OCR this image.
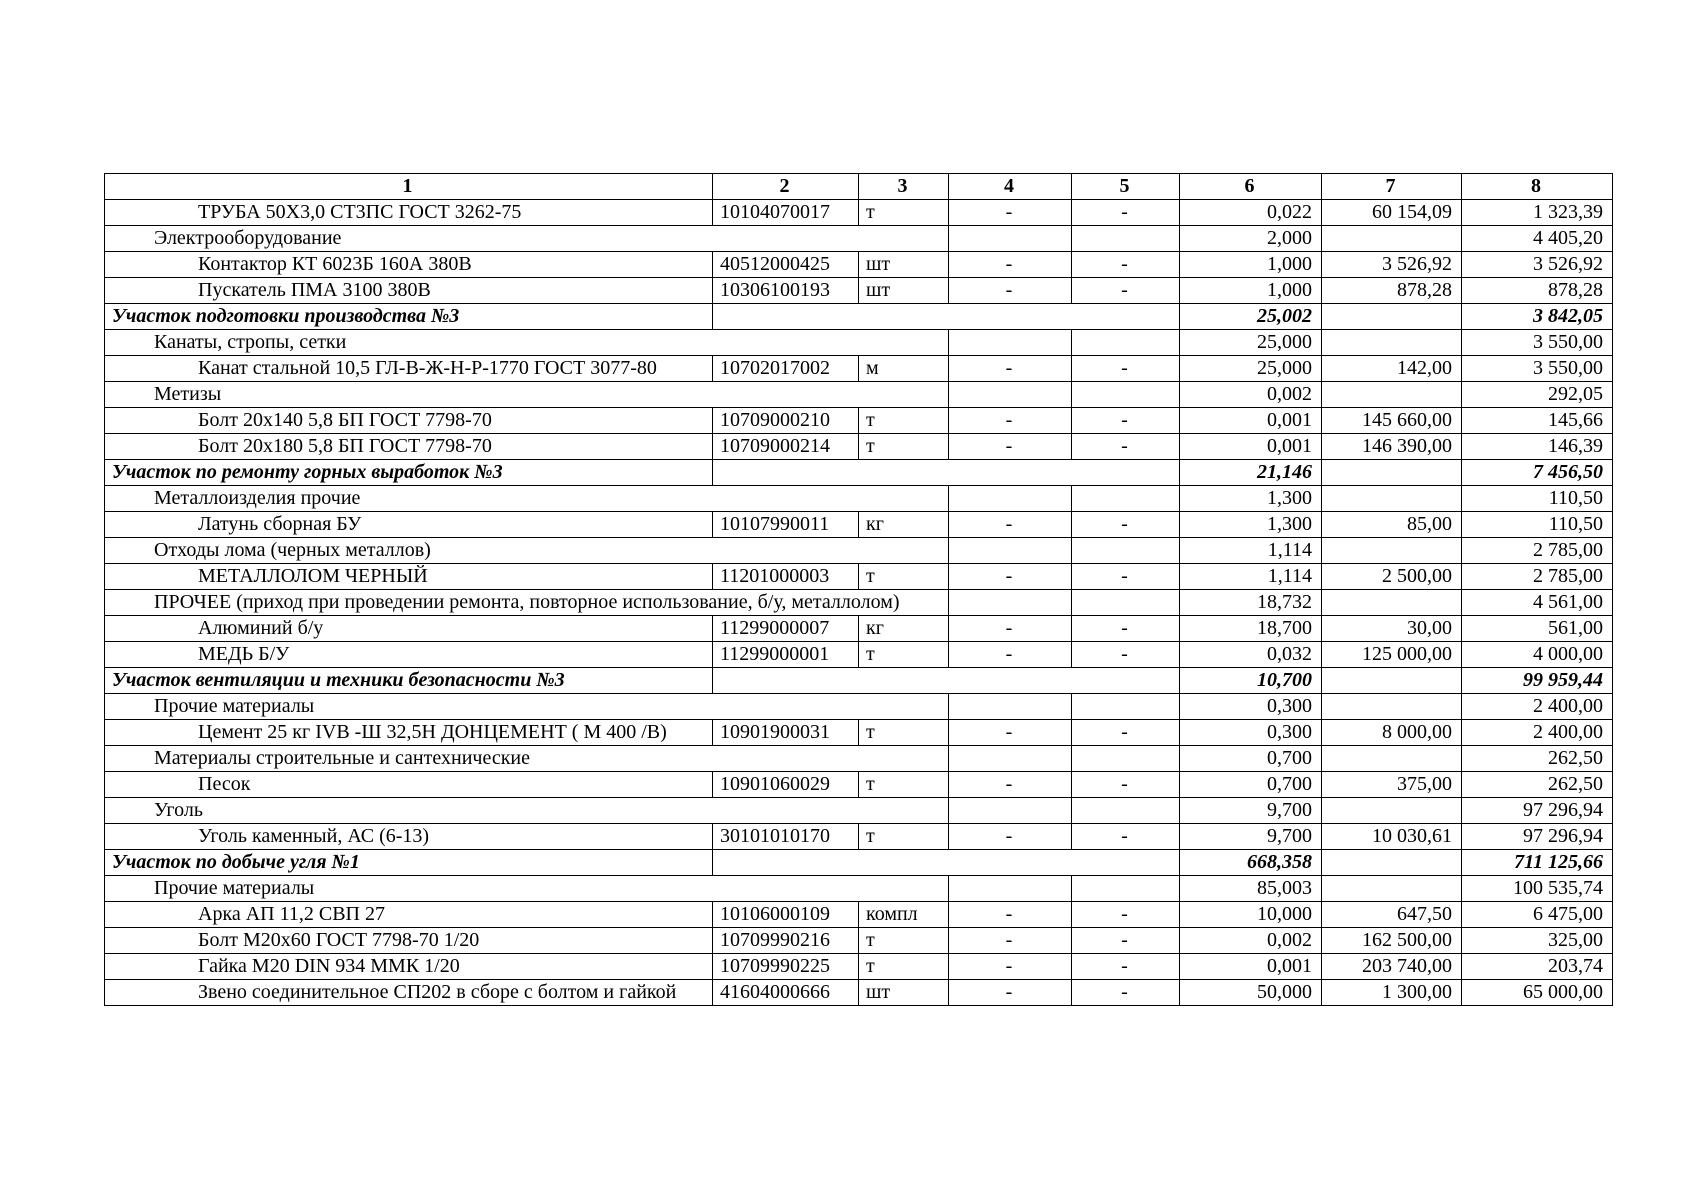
1	2	3	4	5	6	7	8
ТРУБА 50Х3,0 СТ3ПС ГОСТ 3262-75	10104070017	т	-	-	0,022	60 154,09	1 323,39
Электрооборудование					2,000		4 405,20
Контактор КТ 6023Б 160А 380В	40512000425	шт	-	-	1,000	3 526,92	3 526,92
Пускатель ПМА 3100 380В	10306100193	шт	-	-	1,000	878,28	878,28
Участок подготовки производства №3					25,002		3 842,05
Канаты, стропы, сетки					25,000		3 550,00
Канат стальной 10,5 ГЛ-В-Ж-Н-Р-1770 ГОСТ 3077-80	10702017002	м	-	-	25,000	142,00	3 550,00
Метизы					0,002		292,05
Болт 20х140 5,8 БП ГОСТ 7798-70	10709000210	т	-	-	0,001	145 660,00	145,66
Болт 20х180 5,8 БП ГОСТ 7798-70	10709000214	т	-	-	0,001	146 390,00	146,39
Участок по ремонту горных выработок №3					21,146		7 456,50
Металлоизделия прочие					1,300		110,50
Латунь сборная БУ	10107990011	кг	-	-	1,300	85,00	110,50
Отходы лома (черных металлов)					1,114		2 785,00
МЕТАЛЛОЛОМ ЧЕРНЫЙ	11201000003	т	-	-	1,114	2 500,00	2 785,00
ПРОЧЕЕ (приход при проведении ремонта, повторное использование, б/у, металлолом)					18,732		4 561,00
Алюминий б/у	11299000007	кг	-	-	18,700	30,00	561,00
МЕДЬ Б/У	11299000001	т	-	-	0,032	125 000,00	4 000,00
Участок вентиляции и техники безопасности №3					10,700		99 959,44
Прочие материалы					0,300		2 400,00
Цемент 25 кг IVB -Ш 32,5Н ДОНЦЕМЕНТ ( М 400 /B)	10901900031	т	-	-	0,300	8 000,00	2 400,00
Материалы строительные и сантехнические					0,700		262,50
Песок	10901060029	т	-	-	0,700	375,00	262,50
Уголь					9,700		97 296,94
Уголь каменный, АС (6-13)	30101010170	т	-	-	9,700	10 030,61	97 296,94
Участок по добыче угля №1					668,358		711 125,66
Прочие материалы					85,003		100 535,74
Арка АП 11,2 СВП 27	10106000109	компл	-	-	10,000	647,50	6 475,00
Болт М20х60 ГОСТ 7798-70 1/20	10709990216	т	-	-	0,002	162 500,00	325,00
Гайка М20 DIN 934 ММК 1/20	10709990225	т	-	-	0,001	203 740,00	203,74
Звено соединительное СП202 в сборе с болтом и гайкой	41604000666	шт	-	-	50,000	1 300,00	65 000,00
